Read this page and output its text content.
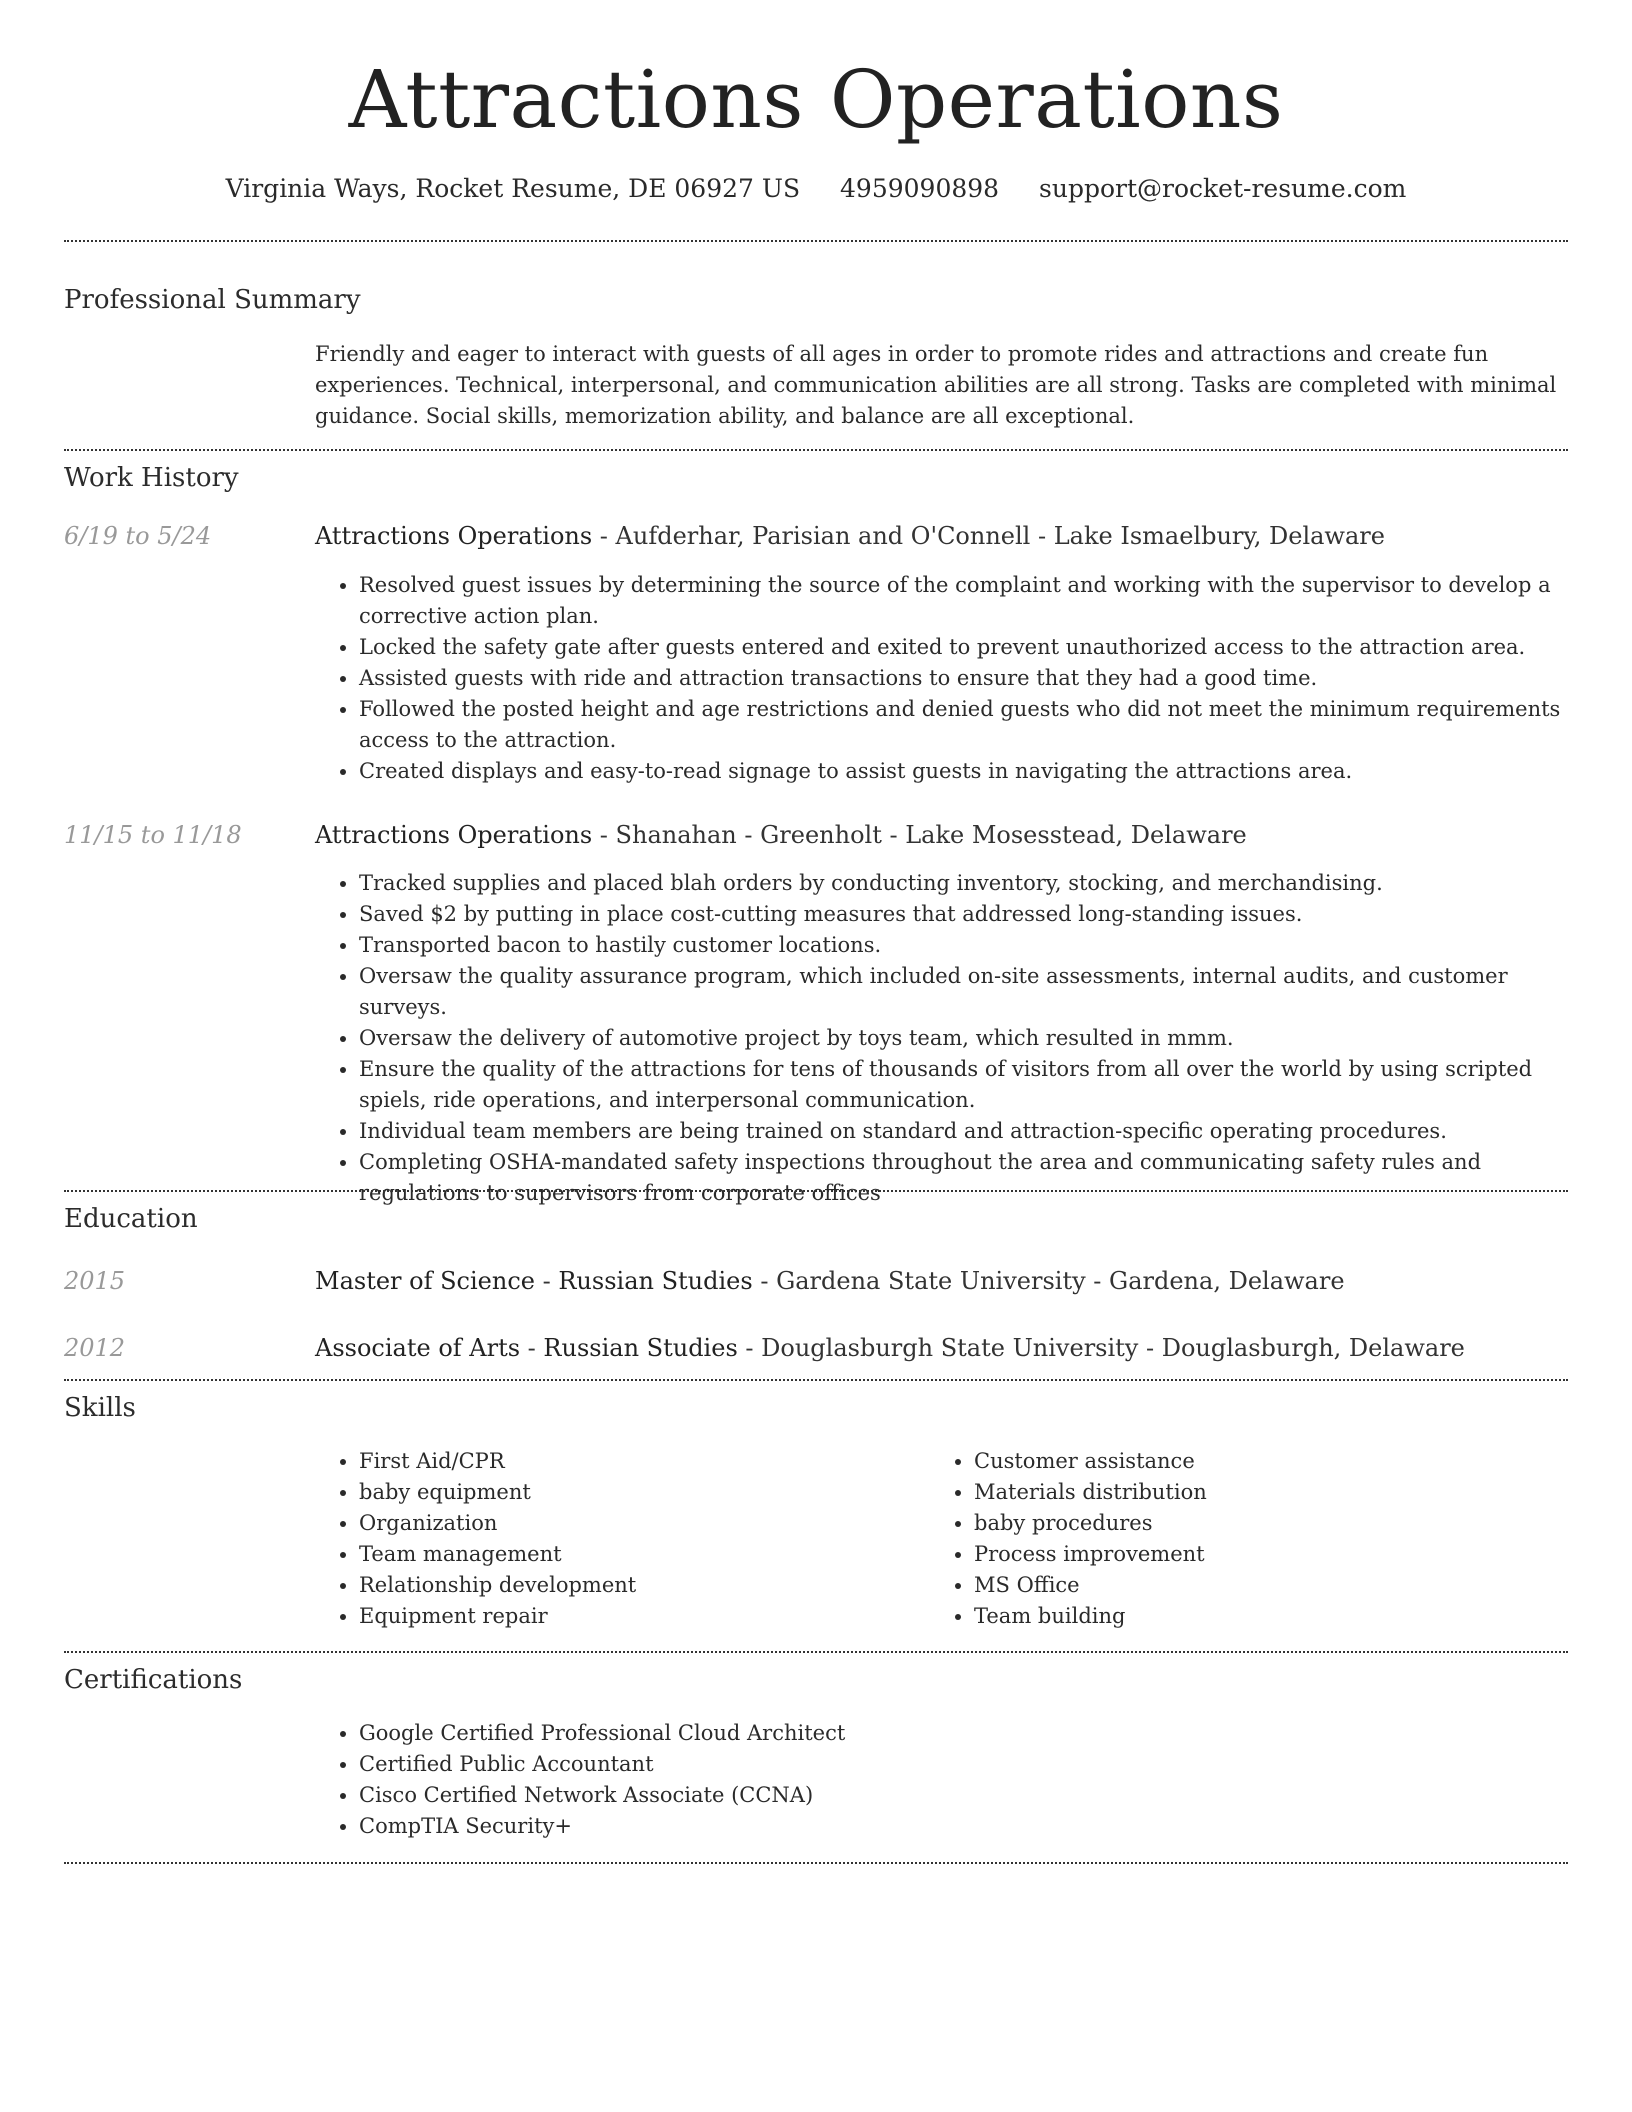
Attractions Operations
Virginia Ways, Rocket Resume, DE 06927 US 4959090898 support@rocket-resume.com
Professional Summary
Friendly and eager to interact with guests of all ages in order to promote rides and attractions and create fun experiences. Technical, interpersonal, and communication abilities are all strong. Tasks are completed with minimal guidance. Social skills, memorization ability, and balance are all exceptional.
Work History
6/19 to 5/24	Attractions Operations - Aufderhar, Parisian and O'Connell - Lake Ismaelbury, Delaware
• Resolved guest issues by determining the source of the complaint and working with the supervisor to develop a corrective action plan.
• Locked the safety gate after guests entered and exited to prevent unauthorized access to the attraction area.
• Assisted guests with ride and attraction transactions to ensure that they had a good time.
• Followed the posted height and age restrictions and denied guests who did not meet the minimum requirements access to the attraction.
• Created displays and easy-to-read signage to assist guests in navigating the attractions area.
11/15 to 11/18	Attractions Operations - Shanahan - Greenholt - Lake Mosesstead, Delaware
• Tracked supplies and placed blah orders by conducting inventory, stocking, and merchandising.
• Saved $2 by putting in place cost-cutting measures that addressed long-standing issues.
• Transported bacon to hastily customer locations.
• Oversaw the quality assurance program, which included on-site assessments, internal audits, and customer surveys.
• Oversaw the delivery of automotive project by toys team, which resulted in mmm.
• Ensure the quality of the attractions for tens of thousands of visitors from all over the world by using scripted spiels, ride operations, and interpersonal communication.
• Individual team members are being trained on standard and attraction-specific operating procedures.
• Completing OSHA-mandated safety inspections throughout the area and communicating safety rules and regulations to supervisors from corporate offices
Education
2015	Master of Science - Russian Studies - Gardena State University - Gardena, Delaware
2012	Associate of Arts - Russian Studies - Douglasburgh State University - Douglasburgh, Delaware
Skills
• First Aid/CPR
• baby equipment
• Organization
• Team management
• Relationship development
• Equipment repair
• Customer assistance
• Materials distribution
• baby procedures
• Process improvement
• MS Office
• Team building
Certifications
• Google Certified Professional Cloud Architect
• Certified Public Accountant
• Cisco Certified Network Associate (CCNA)
• CompTIA Security+
